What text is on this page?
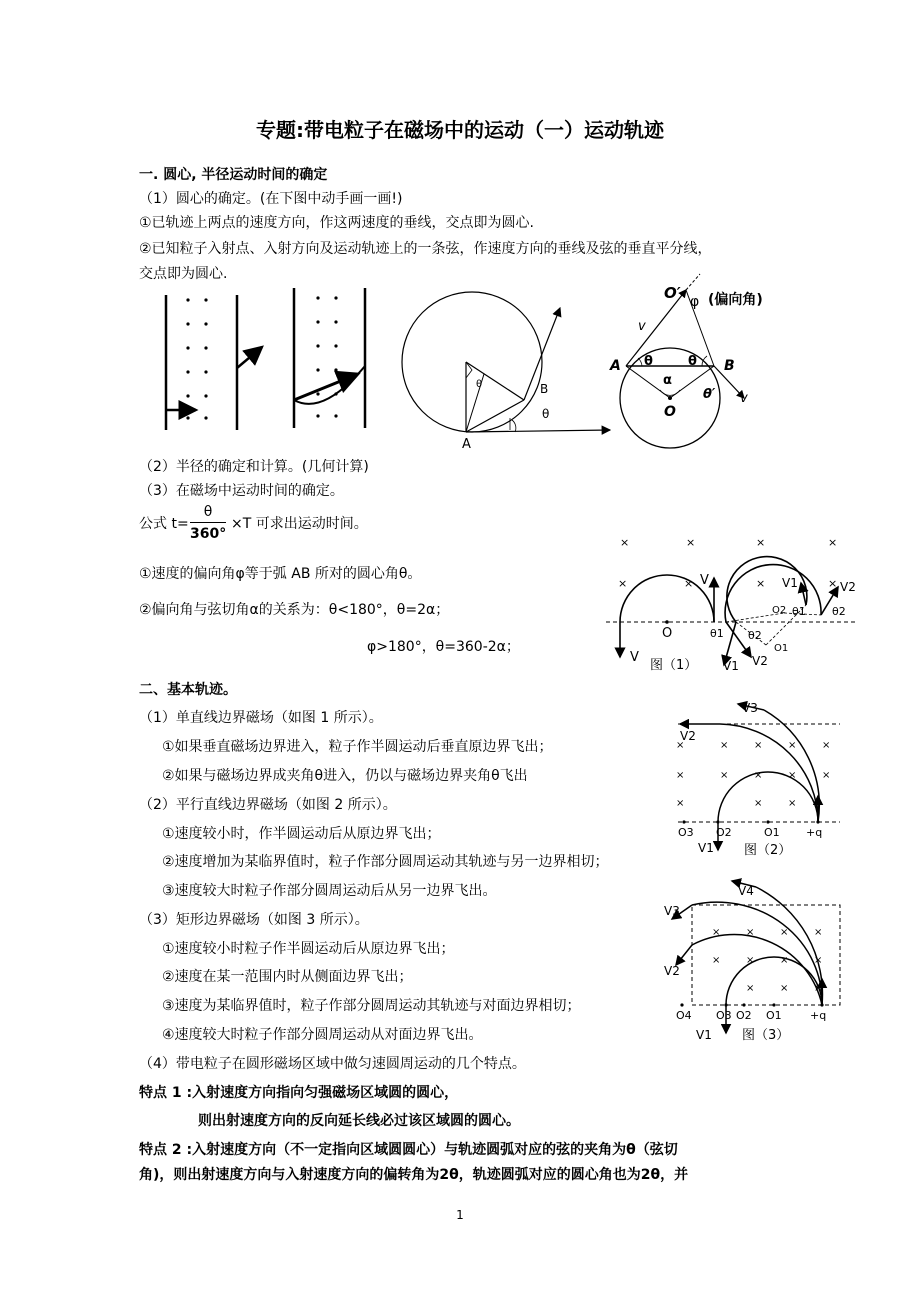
专题:带电粒子在磁场中的运动（一）运动轨迹
一. 圆心, 半径运动时间的确定
（1）圆心的确定。(在下图中动手画一画!)
①已轨迹上两点的速度方向，作这两速度的垂线，交点即为圆心.
②已知粒子入射点、入射方向及运动轨迹上的一条弦，作速度方向的垂线及弦的垂直平分线，
交点即为圆心.
θ	B
θ
A
O′ φ (偏向角)
v
A θ	θ B
α
θ′
O
v
（2）半径的确定和计算。(几何计算)
（3）在磁场中运动时间的确定。
公式 $t= \frac{\theta}{360^\circ} \times T$ 可求出运动时间。
①速度的偏向角φ等于弧 AB 所对的圆心角θ。
②偏向角与弦切角α的关系为：θ<180°，θ=2α；
φ>180°，θ=360-2α；
×	×	×	×
×	×	×	×
O
V
V	V1	V2
V1 V2
θ1 θ2
θ1 θ2
O2
O1
图（1）
二、基本轨迹。
（1）单直线边界磁场（如图 1 所示）。
①如果垂直磁场边界进入，粒子作半圆运动后垂直原边界飞出；
②如果与磁场边界成夹角θ进入，仍以与磁场边界夹角θ飞出
（2）平行直线边界磁场（如图 2 所示）。
①速度较小时，作半圆运动后从原边界飞出；
②速度增加为某临界值时，粒子作部分圆周运动其轨迹与另一边界相切；
③速度较大时粒子作部分圆周运动后从另一边界飞出。
（3）矩形边界磁场（如图 3 所示）。
①速度较小时粒子作半圆运动后从原边界飞出；
②速度在某一范围内时从侧面边界飞出；
③速度为某临界值时，粒子作部分圆周运动其轨迹与对面边界相切；
④速度较大时粒子作部分圆周运动从对面边界飞出。
（4）带电粒子在圆形磁场区域中做匀速圆周运动的几个特点。
特点 1 :入射速度方向指向匀强磁场区域圆的圆心，
则出射速度方向的反向延长线必过该区域圆的圆心。
特点 2 :入射速度方向（不一定指向区域圆圆心）与轨迹圆弧对应的弦的夹角为θ（弦切
角)，则出射速度方向与入射速度方向的偏转角为2θ，轨迹圆弧对应的圆心角也为2θ，并
×	×	×	×	×
×	×	×	×	×
×	×	×
V3
V2
V1
O3 O2	O1 +q
图（2）
×	×	×	×
×	×	×	×
×	×	×
V4
V3
V2
V1
O4 O3 O2 O1	+q
图（3）
1
